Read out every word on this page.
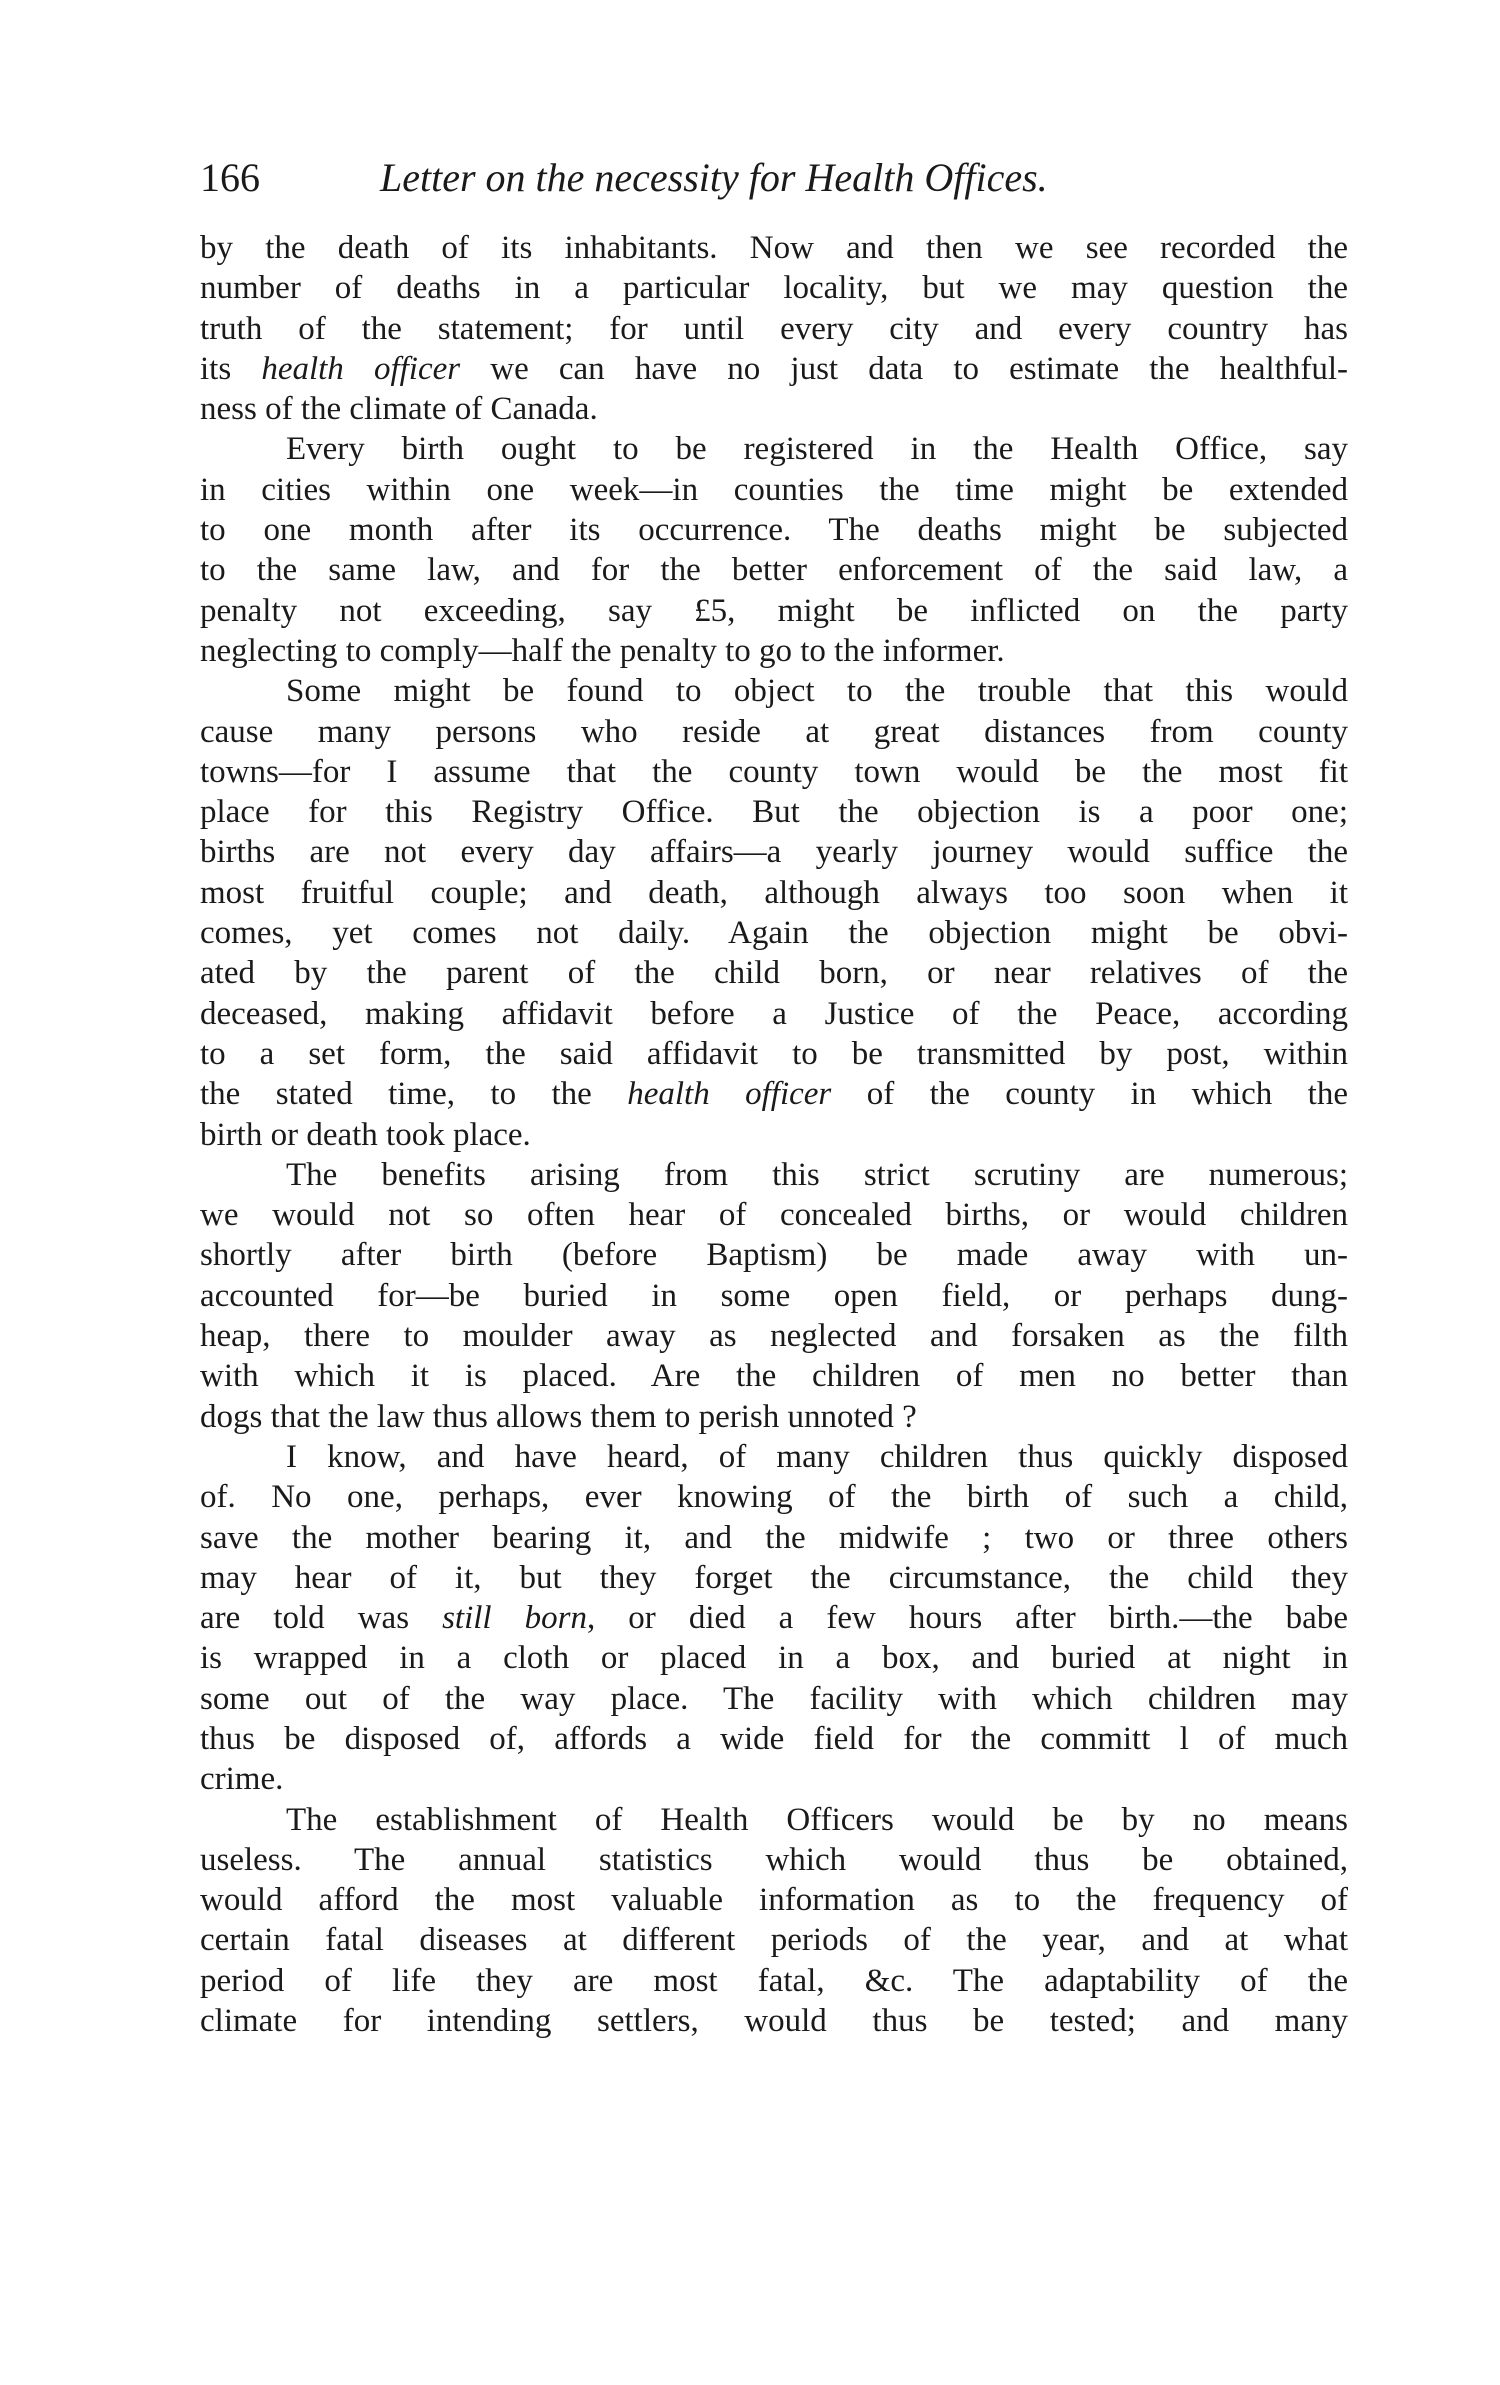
166	Letter on the necessity for Health Offices.
by the death of its inhabitants. Now and then we see recorded the
number of deaths in a particular locality, but we may question the
truth of the statement; for until every city and every country has
its health officer we can have no just data to estimate the healthful-
ness of the climate of Canada.
Every birth ought to be registered in the Health Office, say
in cities within one week—in counties the time might be extended
to one month after its occurrence. The deaths might be subjected
to the same law, and for the better enforcement of the said law, a
penalty not exceeding, say £5, might be inflicted on the party
neglecting to comply—half the penalty to go to the informer.
Some might be found to object to the trouble that this would
cause many persons who reside at great distances from county
towns—for I assume that the county town would be the most fit
place for this Registry Office. But the objection is a poor one;
births are not every day affairs—a yearly journey would suffice the
most fruitful couple; and death, although always too soon when it
comes, yet comes not daily. Again the objection might be obvi-
ated by the parent of the child born, or near relatives of the
deceased, making affidavit before a Justice of the Peace, according
to a set form, the said affidavit to be transmitted by post, within
the stated time, to the health officer of the county in which the
birth or death took place.
The benefits arising from this strict scrutiny are numerous;
we would not so often hear of concealed births, or would children
shortly after birth (before Baptism) be made away with un-
accounted for—be buried in some open field, or perhaps dung-
heap, there to moulder away as neglected and forsaken as the filth
with which it is placed. Are the children of men no better than
dogs that the law thus allows them to perish unnoted ?
I know, and have heard, of many children thus quickly disposed
of. No one, perhaps, ever knowing of the birth of such a child,
save the mother bearing it, and the midwife ; two or three others
may hear of it, but they forget the circumstance, the child they
are told was still born, or died a few hours after birth.—the babe
is wrapped in a cloth or placed in a box, and buried at night in
some out of the way place. The facility with which children may
thus be disposed of, affords a wide field for the committ l of much
crime.
The establishment of Health Officers would be by no means
useless. The annual statistics which would thus be obtained,
would afford the most valuable information as to the frequency of
certain fatal diseases at different periods of the year, and at what
period of life they are most fatal, &c. The adaptability of the
climate for intending settlers, would thus be tested; and many
